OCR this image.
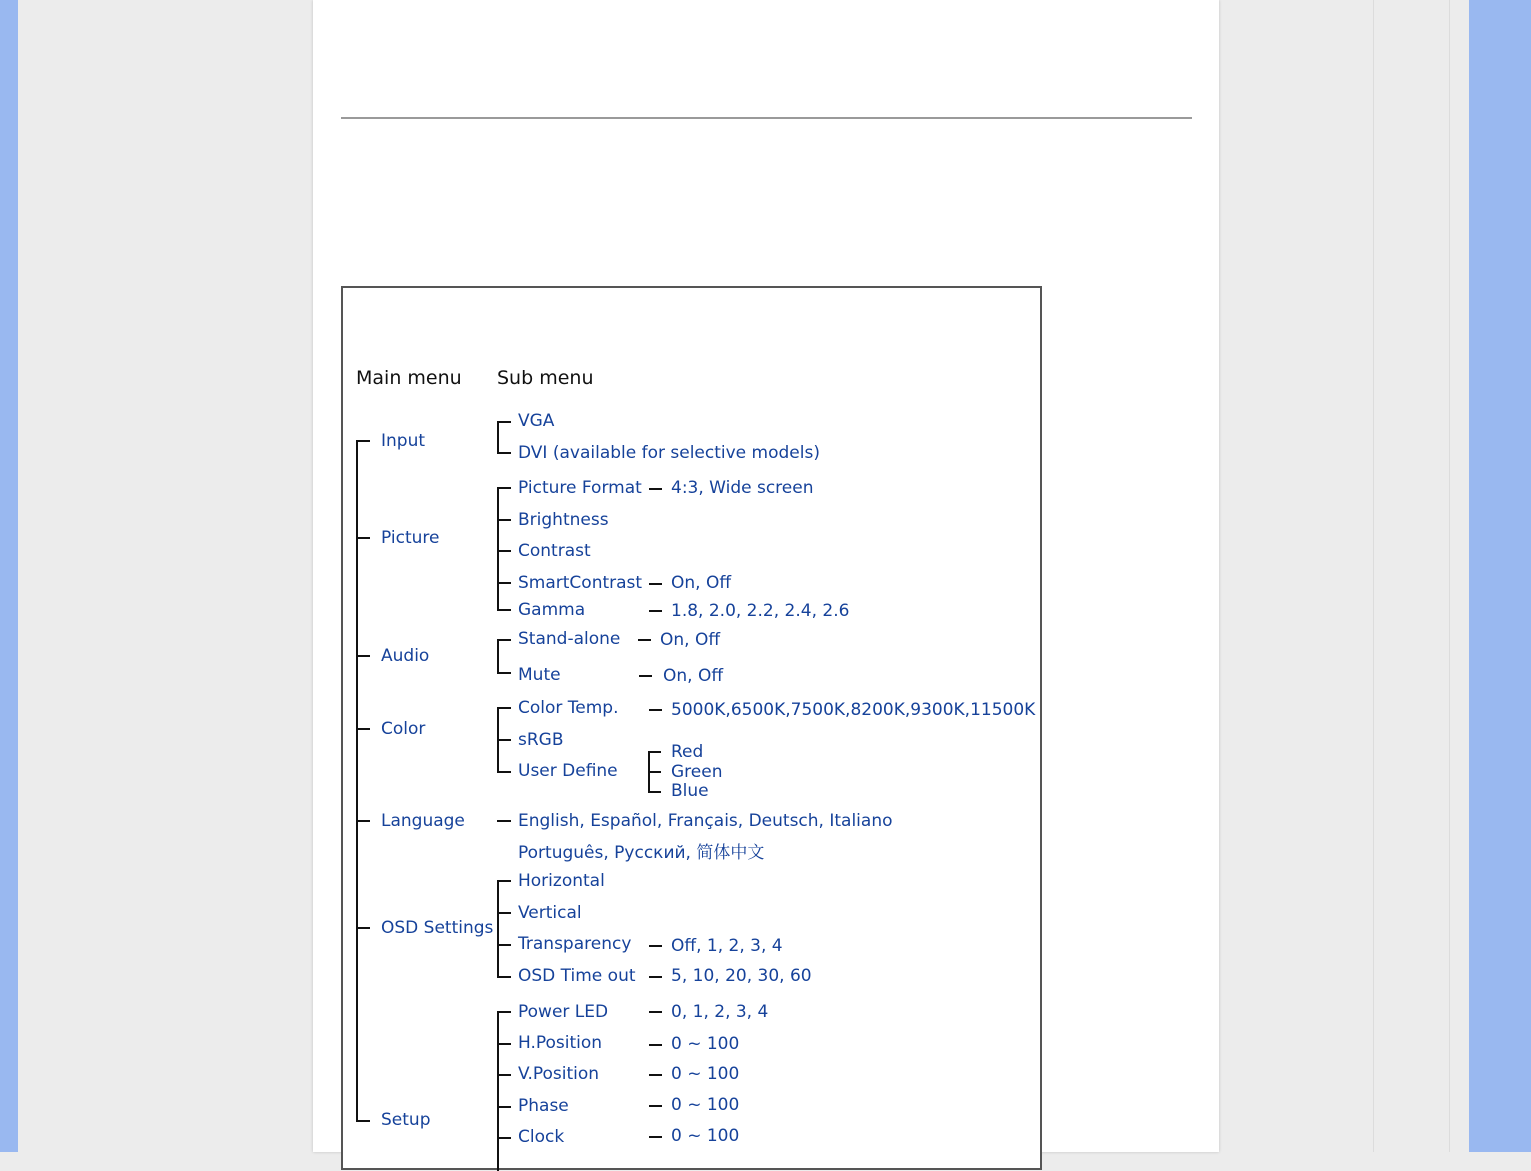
Main menu Sub menu
Input
Picture
Audio
Color
Language
OSD Settings
Setup
VGA
DVI (available for selective models)
Picture Format
Brightness
Contrast
SmartContrast
Gamma
4:3, Wide screen
On, Off
1.8, 2.0, 2.2, 2.4, 2.6
Stand-alone
Mute
On, Off
On, Off
Color Temp.
sRGB
User Define
5000K,6500K,7500K,8200K,9300K,11500K
Red
Green
Blue
English, Español, Français, Deutsch, Italiano
Português, Русский, 简体中文
Horizontal
Vertical
Transparency
OSD Time out
Off, 1, 2, 3, 4
5, 10, 20, 30, 60
Power LED
H.Position
V.Position
Phase
Clock
0, 1, 2, 3, 4
0 ~ 100
0 ~ 100
0 ~ 100
0 ~ 100
